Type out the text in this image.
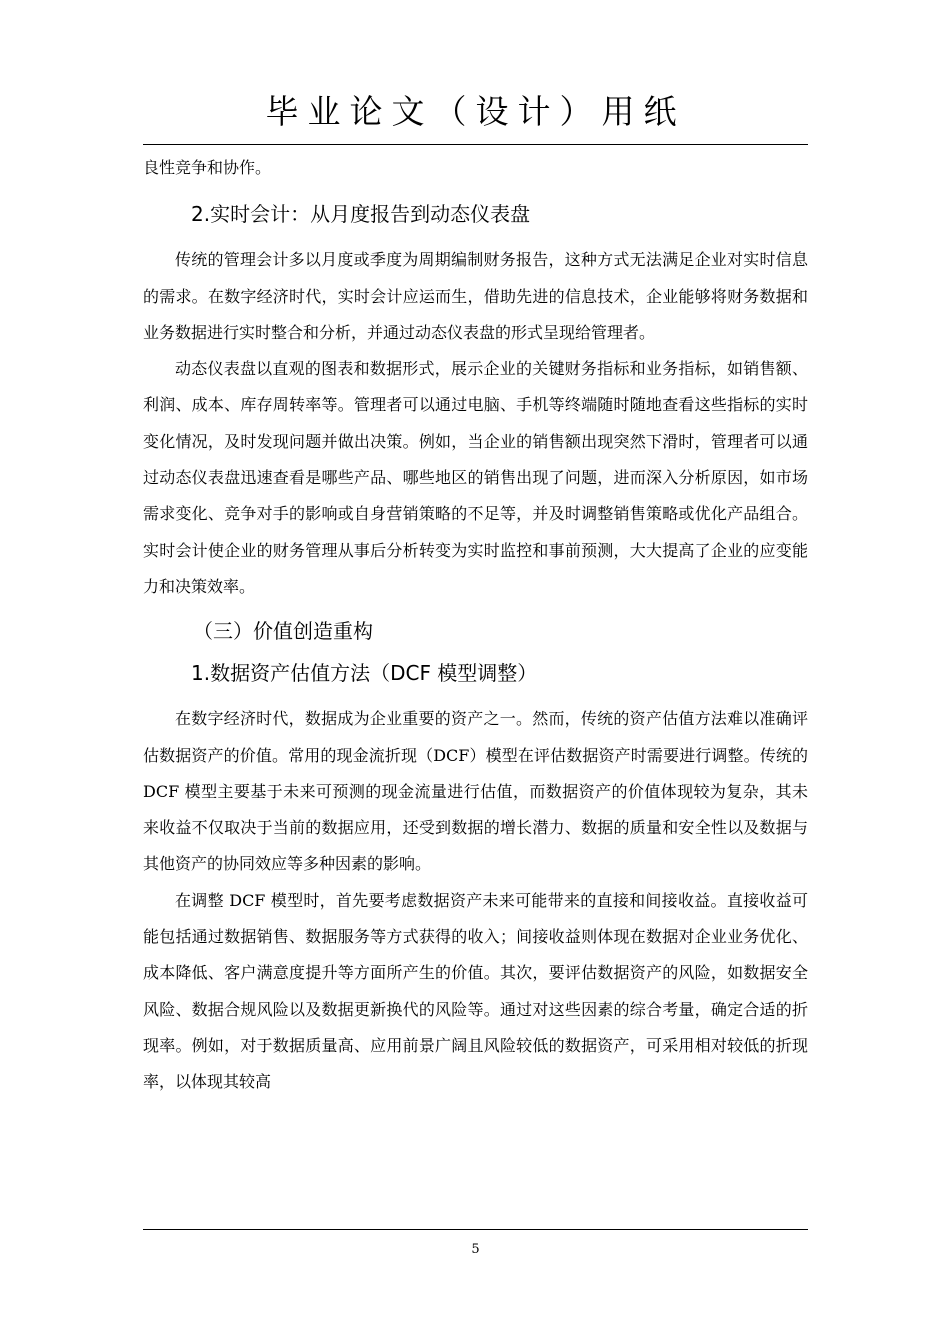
毕业论文（设计）用纸

良性竞争和协作。

2.实时会计：从月度报告到动态仪表盘

传统的管理会计多以月度或季度为周期编制财务报告，这种方式无法满足企业对实时信息的需求。在数字经济时代，实时会计应运而生，借助先进的信息技术，企业能够将财务数据和业务数据进行实时整合和分析，并通过动态仪表盘的形式呈现给管理者。

动态仪表盘以直观的图表和数据形式，展示企业的关键财务指标和业务指标，如销售额、利润、成本、库存周转率等。管理者可以通过电脑、手机等终端随时随地查看这些指标的实时变化情况，及时发现问题并做出决策。例如，当企业的销售额出现突然下滑时，管理者可以通过动态仪表盘迅速查看是哪些产品、哪些地区的销售出现了问题，进而深入分析原因，如市场需求变化、竞争对手的影响或自身营销策略的不足等，并及时调整销售策略或优化产品组合。实时会计使企业的财务管理从事后分析转变为实时监控和事前预测，大大提高了企业的应变能力和决策效率。

（三）价值创造重构
1.数据资产估值方法（DCF 模型调整）

在数字经济时代，数据成为企业重要的资产之一。然而，传统的资产估值方法难以准确评估数据资产的价值。常用的现金流折现（DCF）模型在评估数据资产时需要进行调整。传统的 DCF 模型主要基于未来可预测的现金流量进行估值，而数据资产的价值体现较为复杂，其未来收益不仅取决于当前的数据应用，还受到数据的增长潜力、数据的质量和安全性以及数据与其他资产的协同效应等多种因素的影响。

在调整 DCF 模型时，首先要考虑数据资产未来可能带来的直接和间接收益。直接收益可能包括通过数据销售、数据服务等方式获得的收入；间接收益则体现在数据对企业业务优化、成本降低、客户满意度提升等方面所产生的价值。其次，要评估数据资产的风险，如数据安全风险、数据合规风险以及数据更新换代的风险等。通过对这些因素的综合考量，确定合适的折现率。例如，对于数据质量高、应用前景广阔且风险较低的数据资产，可采用相对较低的折现率，以体现其较高

5
